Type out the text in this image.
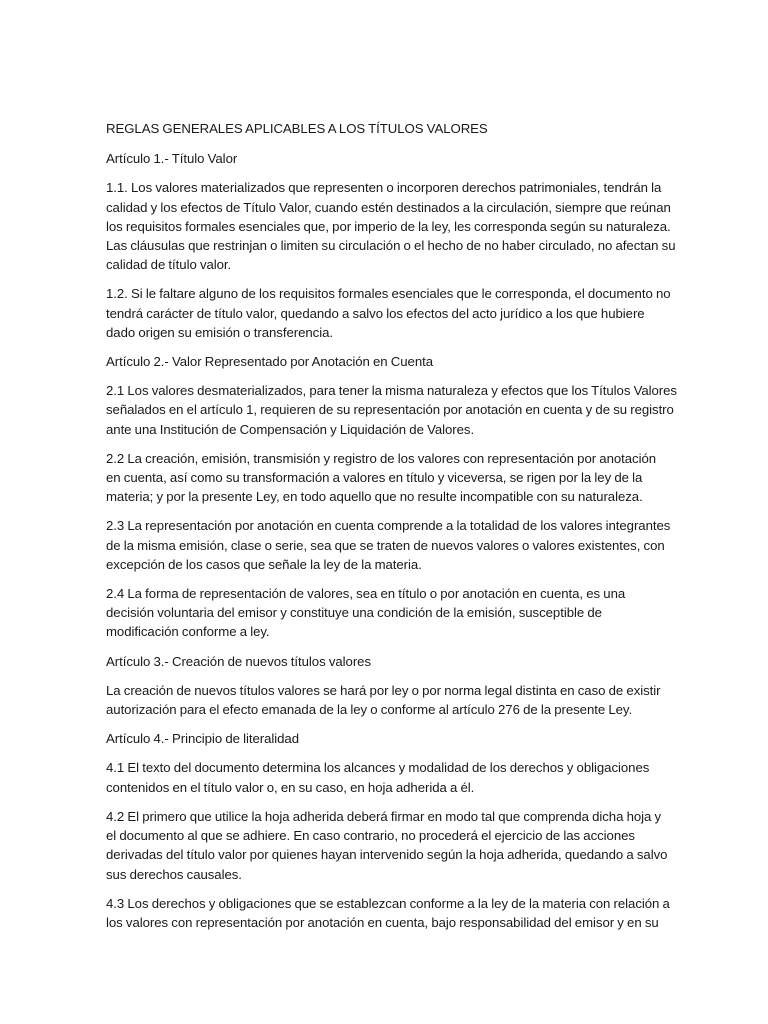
REGLAS GENERALES APLICABLES A LOS TÍTULOS VALORES

Artículo 1.- Título Valor

1.1. Los valores materializados que representen o incorporen derechos patrimoniales, tendrán la
calidad y los efectos de Título Valor, cuando estén destinados a la circulación, siempre que reúnan
los requisitos formales esenciales que, por imperio de la ley, les corresponda según su naturaleza.
Las cláusulas que restrinjan o limiten su circulación o el hecho de no haber circulado, no afectan su
calidad de título valor.

1.2. Si le faltare alguno de los requisitos formales esenciales que le corresponda, el documento no
tendrá carácter de título valor, quedando a salvo los efectos del acto jurídico a los que hubiere
dado origen su emisión o transferencia.

Artículo 2.- Valor Representado por Anotación en Cuenta

2.1 Los valores desmaterializados, para tener la misma naturaleza y efectos que los Títulos Valores
señalados en el artículo 1, requieren de su representación por anotación en cuenta y de su registro
ante una Institución de Compensación y Liquidación de Valores.

2.2 La creación, emisión, transmisión y registro de los valores con representación por anotación
en cuenta, así como su transformación a valores en título y viceversa, se rigen por la ley de la
materia; y por la presente Ley, en todo aquello que no resulte incompatible con su naturaleza.

2.3 La representación por anotación en cuenta comprende a la totalidad de los valores integrantes
de la misma emisión, clase o serie, sea que se traten de nuevos valores o valores existentes, con
excepción de los casos que señale la ley de la materia.

2.4 La forma de representación de valores, sea en título o por anotación en cuenta, es una
decisión voluntaria del emisor y constituye una condición de la emisión, susceptible de
modificación conforme a ley.

Artículo 3.- Creación de nuevos títulos valores

La creación de nuevos títulos valores se hará por ley o por norma legal distinta en caso de existir
autorización para el efecto emanada de la ley o conforme al artículo 276 de la presente Ley.

Artículo 4.- Principio de literalidad

4.1 El texto del documento determina los alcances y modalidad de los derechos y obligaciones
contenidos en el título valor o, en su caso, en hoja adherida a él.

4.2 El primero que utilice la hoja adherida deberá firmar en modo tal que comprenda dicha hoja y
el documento al que se adhiere. En caso contrario, no procederá el ejercicio de las acciones
derivadas del título valor por quienes hayan intervenido según la hoja adherida, quedando a salvo
sus derechos causales.

4.3 Los derechos y obligaciones que se establezcan conforme a la ley de la materia con relación a
los valores con representación por anotación en cuenta, bajo responsabilidad del emisor y en su
